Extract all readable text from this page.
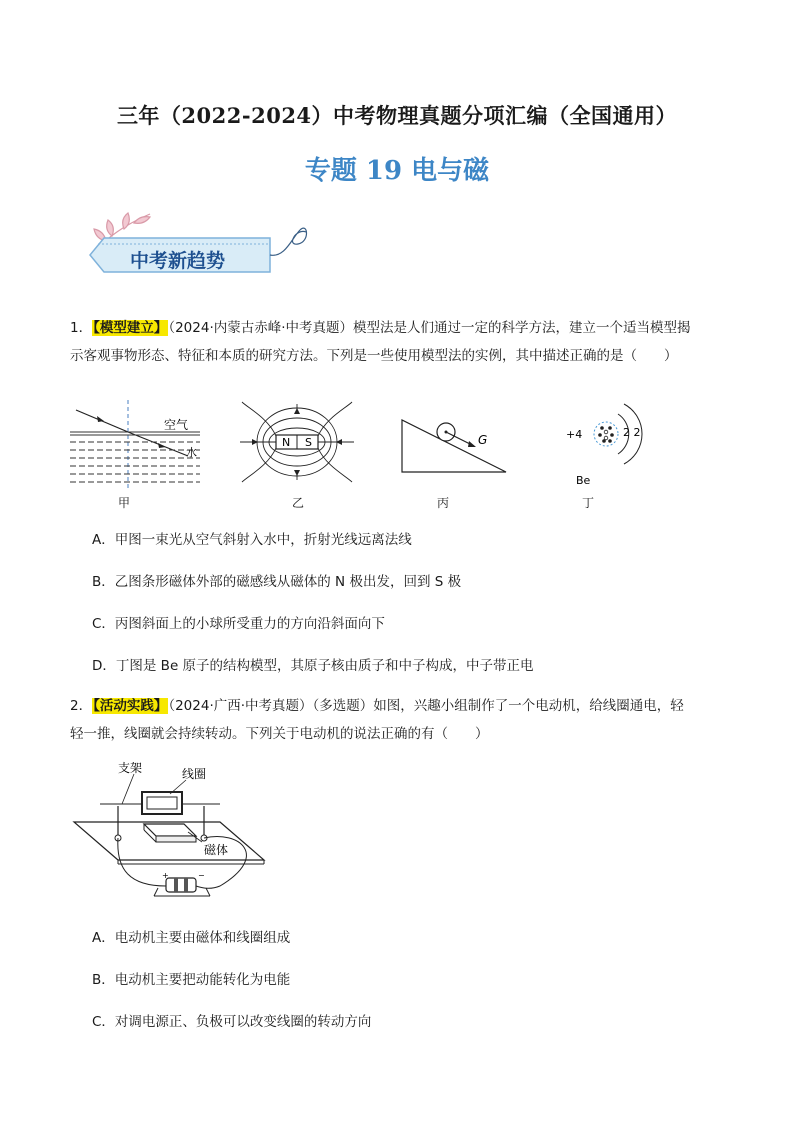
三年（2022-2024）中考物理真题分项汇编（全国通用）
专题 19 电与磁
中考新趋势
1．【模型建立】（2024·内蒙古赤峰·中考真题）模型法是人们通过一定的科学方法，建立一个适当模型揭
示客观事物形态、特征和本质的研究方法。下列是一些使用模型法的实例，其中描述正确的是（　　）
空气
水
甲
N S
乙
G
丙
+4	2 2
Be
丁
A．甲图一束光从空气斜射入水中，折射光线远离法线
B．乙图条形磁体外部的磁感线从磁体的 N 极出发，回到 S 极
C．丙图斜面上的小球所受重力的方向沿斜面向下
D．丁图是 Be 原子的结构模型，其原子核由质子和中子构成，中子带正电
2．【活动实践】（2024·广西·中考真题）（多选题）如图，兴趣小组制作了一个电动机，给线圈通电，轻
轻一推，线圈就会持续转动。下列关于电动机的说法正确的有（　　）
+	−
支架	线圈
磁体
A．电动机主要由磁体和线圈组成
B．电动机主要把动能转化为电能
C．对调电源正、负极可以改变线圈的转动方向
